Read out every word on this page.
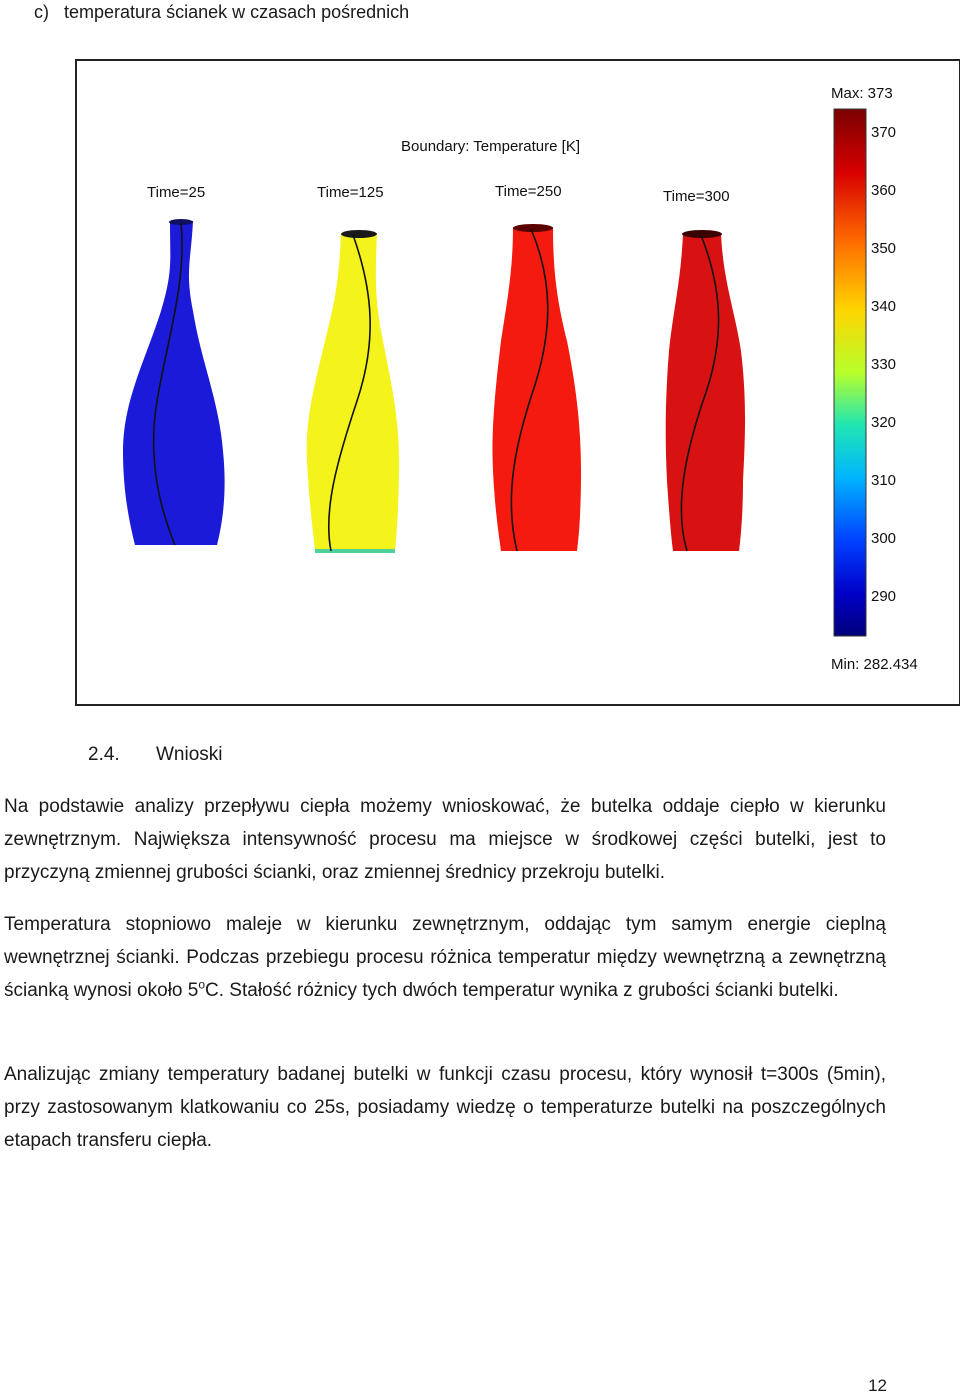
c) temperatura ścianek w czasach pośrednich
Boundary: Temperature [K]
Time=25	Time=125	Time=250	Time=300
Max: 373
370
360
350
340
330
320
310
300
290
Min: 282.434
2.4. Wnioski
Na podstawie analizy przepływu ciepła możemy wnioskować, że butelka oddaje ciepło w kierunku zewnętrznym. Największa intensywność procesu ma miejsce w środkowej części butelki, jest to przyczyną zmiennej grubości ścianki, oraz zmiennej średnicy przekroju butelki.
Temperatura stopniowo maleje w kierunku zewnętrznym, oddając tym samym energie cieplną wewnętrznej ścianki. Podczas przebiegu procesu różnica temperatur między wewnętrzną a zewnętrzną ścianką wynosi około 5$^o$C. Stałość różnicy tych dwóch temperatur wynika z grubości ścianki butelki.
Analizując zmiany temperatury badanej butelki w funkcji czasu procesu, który wynosił t=300s (5min), przy zastosowanym klatkowaniu co 25s, posiadamy wiedzę o temperaturze butelki na poszczególnych etapach transferu ciepła.
12
